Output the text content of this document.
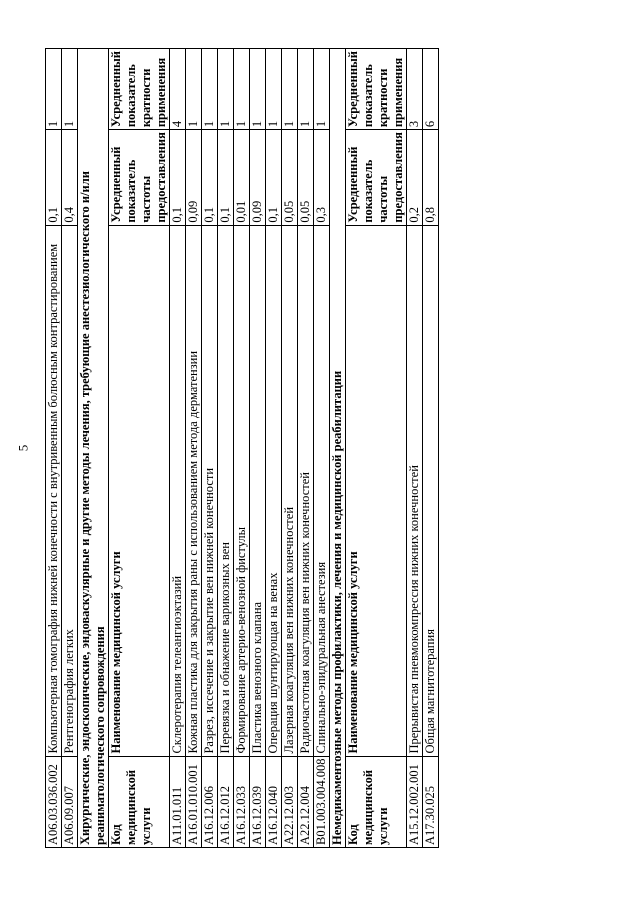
5
A06.03.036.002	Компьютерная томография нижней конечности с внутривенным болюсным контрастированием	0,1	1
A06.09.007	Рентгенография легких	0,4	1
Хирургические, эндоскопические, эндоваскулярные и другие методы лечения, требующие анестезиологического и/или реаниматологического сопровождения			
Код медицинской услуги	Наименование медицинской услуги	Усредненный показатель частоты предоставления	Усредненный показатель кратности применения
A11.01.011	Склеротерапия телеангиоэктазий	0,1	4
A16.01.010.001	Кожная пластика для закрытия раны с использованием метода дерматензии	0,09	1
A16.12.006	Разрез, иссечение и закрытие вен нижней конечности	0,1	1
A16.12.012	Перевязка и обнажение варикозных вен	0,1	1
A16.12.033	Формирование артерио-венозной фистулы	0,01	1
A16.12.039	Пластика венозного клапана	0,09	1
A16.12.040	Операция шунтирующая на венах	0,1	1
A22.12.003	Лазерная коагуляция вен нижних конечностей	0,05	1
A22.12.004	Радиочастотная коагуляция вен нижних конечностей	0,05	1
B01.003.004.008	Спинально-эпидуральная анестезия	0,3	1
Немедикаментозные методы профилактики, лечения и медицинской реабилитации			
Код медицинской услуги	Наименование медицинской услуги	Усредненный показатель частоты предоставления	Усредненный показатель кратности применения
A15.12.002.001	Прерывистая пневмокомпрессия нижних конечностей	0,2	3
A17.30.025	Общая магнитотерапия	0,8	6
